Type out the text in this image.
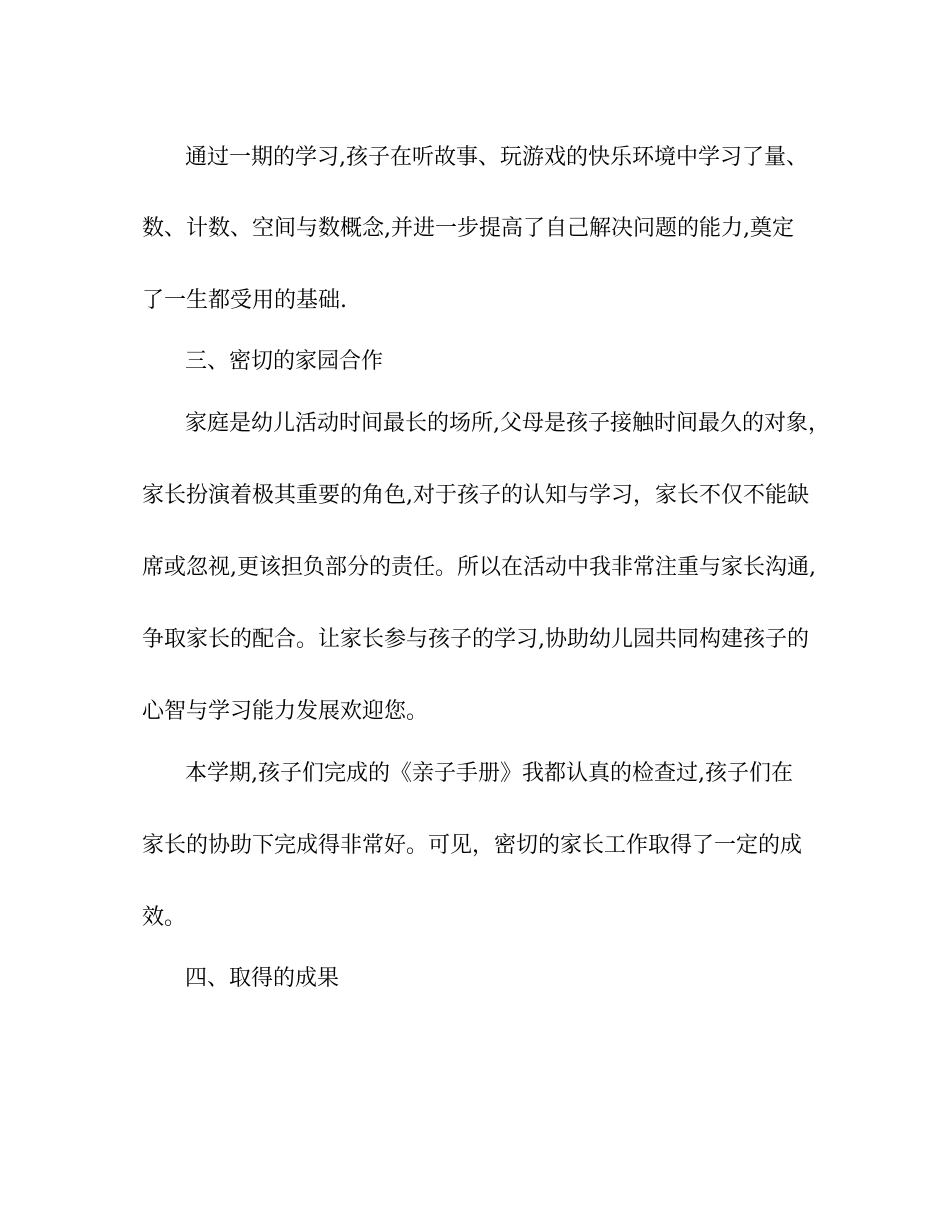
通过一期的学习,孩子在听故事、玩游戏的快乐环境中学习了量、
数、计数、空间与数概念,并进一步提高了自己解决问题的能力,奠定
了一生都受用的基础.
三、密切的家园合作
家庭是幼儿活动时间最长的场所,父母是孩子接触时间最久的对象，
家长扮演着极其重要的角色,对于孩子的认知与学习，家长不仅不能缺
席或忽视,更该担负部分的责任。所以在活动中我非常注重与家长沟通,
争取家长的配合。让家长参与孩子的学习,协助幼儿园共同构建孩子的
心智与学习能力发展欢迎您。
本学期,孩子们完成的《亲子手册》我都认真的检查过,孩子们在
家长的协助下完成得非常好。可见，密切的家长工作取得了一定的成
效。
四、取得的成果
